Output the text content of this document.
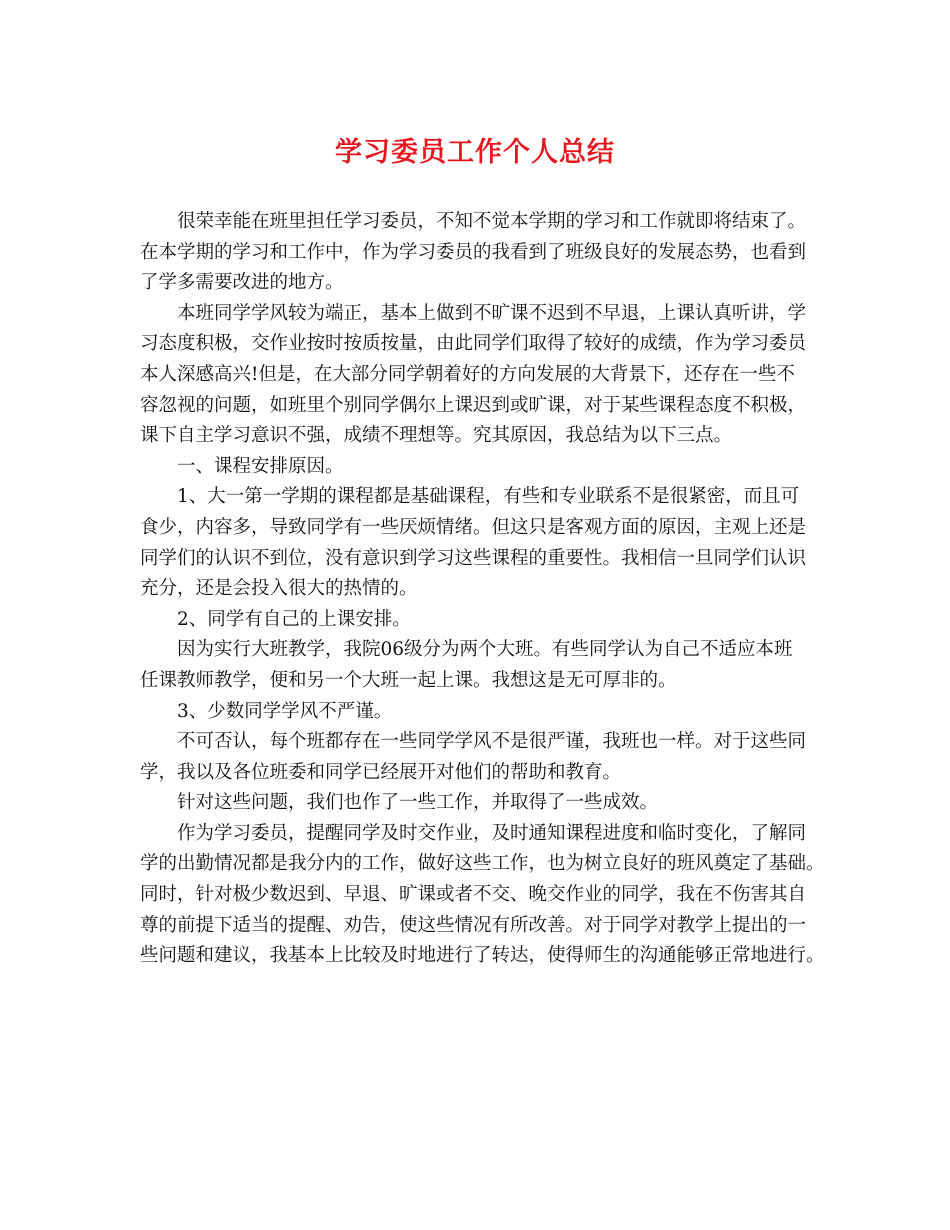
学习委员工作个人总结
很荣幸能在班里担任学习委员，不知不觉本学期的学习和工作就即将结束了。
在本学期的学习和工作中，作为学习委员的我看到了班级良好的发展态势，也看到
了学多需要改进的地方。
本班同学学风较为端正，基本上做到不旷课不迟到不早退，上课认真听讲，学
习态度积极，交作业按时按质按量，由此同学们取得了较好的成绩，作为学习委员
本人深感高兴!但是，在大部分同学朝着好的方向发展的大背景下，还存在一些不
容忽视的问题，如班里个别同学偶尔上课迟到或旷课，对于某些课程态度不积极，
课下自主学习意识不强，成绩不理想等。究其原因，我总结为以下三点。
一、课程安排原因。
1、大一第一学期的课程都是基础课程，有些和专业联系不是很紧密，而且可
食少，内容多，导致同学有一些厌烦情绪。但这只是客观方面的原因，主观上还是
同学们的认识不到位，没有意识到学习这些课程的重要性。我相信一旦同学们认识
充分，还是会投入很大的热情的。
2、同学有自己的上课安排。
因为实行大班教学，我院06级分为两个大班。有些同学认为自己不适应本班
任课教师教学，便和另一个大班一起上课。我想这是无可厚非的。
3、少数同学学风不严谨。
不可否认，每个班都存在一些同学学风不是很严谨，我班也一样。对于这些同
学，我以及各位班委和同学已经展开对他们的帮助和教育。
针对这些问题，我们也作了一些工作，并取得了一些成效。
作为学习委员，提醒同学及时交作业，及时通知课程进度和临时变化，了解同
学的出勤情况都是我分内的工作，做好这些工作，也为树立良好的班风奠定了基础。
同时，针对极少数迟到、早退、旷课或者不交、晚交作业的同学，我在不伤害其自
尊的前提下适当的提醒、劝告，使这些情况有所改善。对于同学对教学上提出的一
些问题和建议，我基本上比较及时地进行了转达，使得师生的沟通能够正常地进行。
